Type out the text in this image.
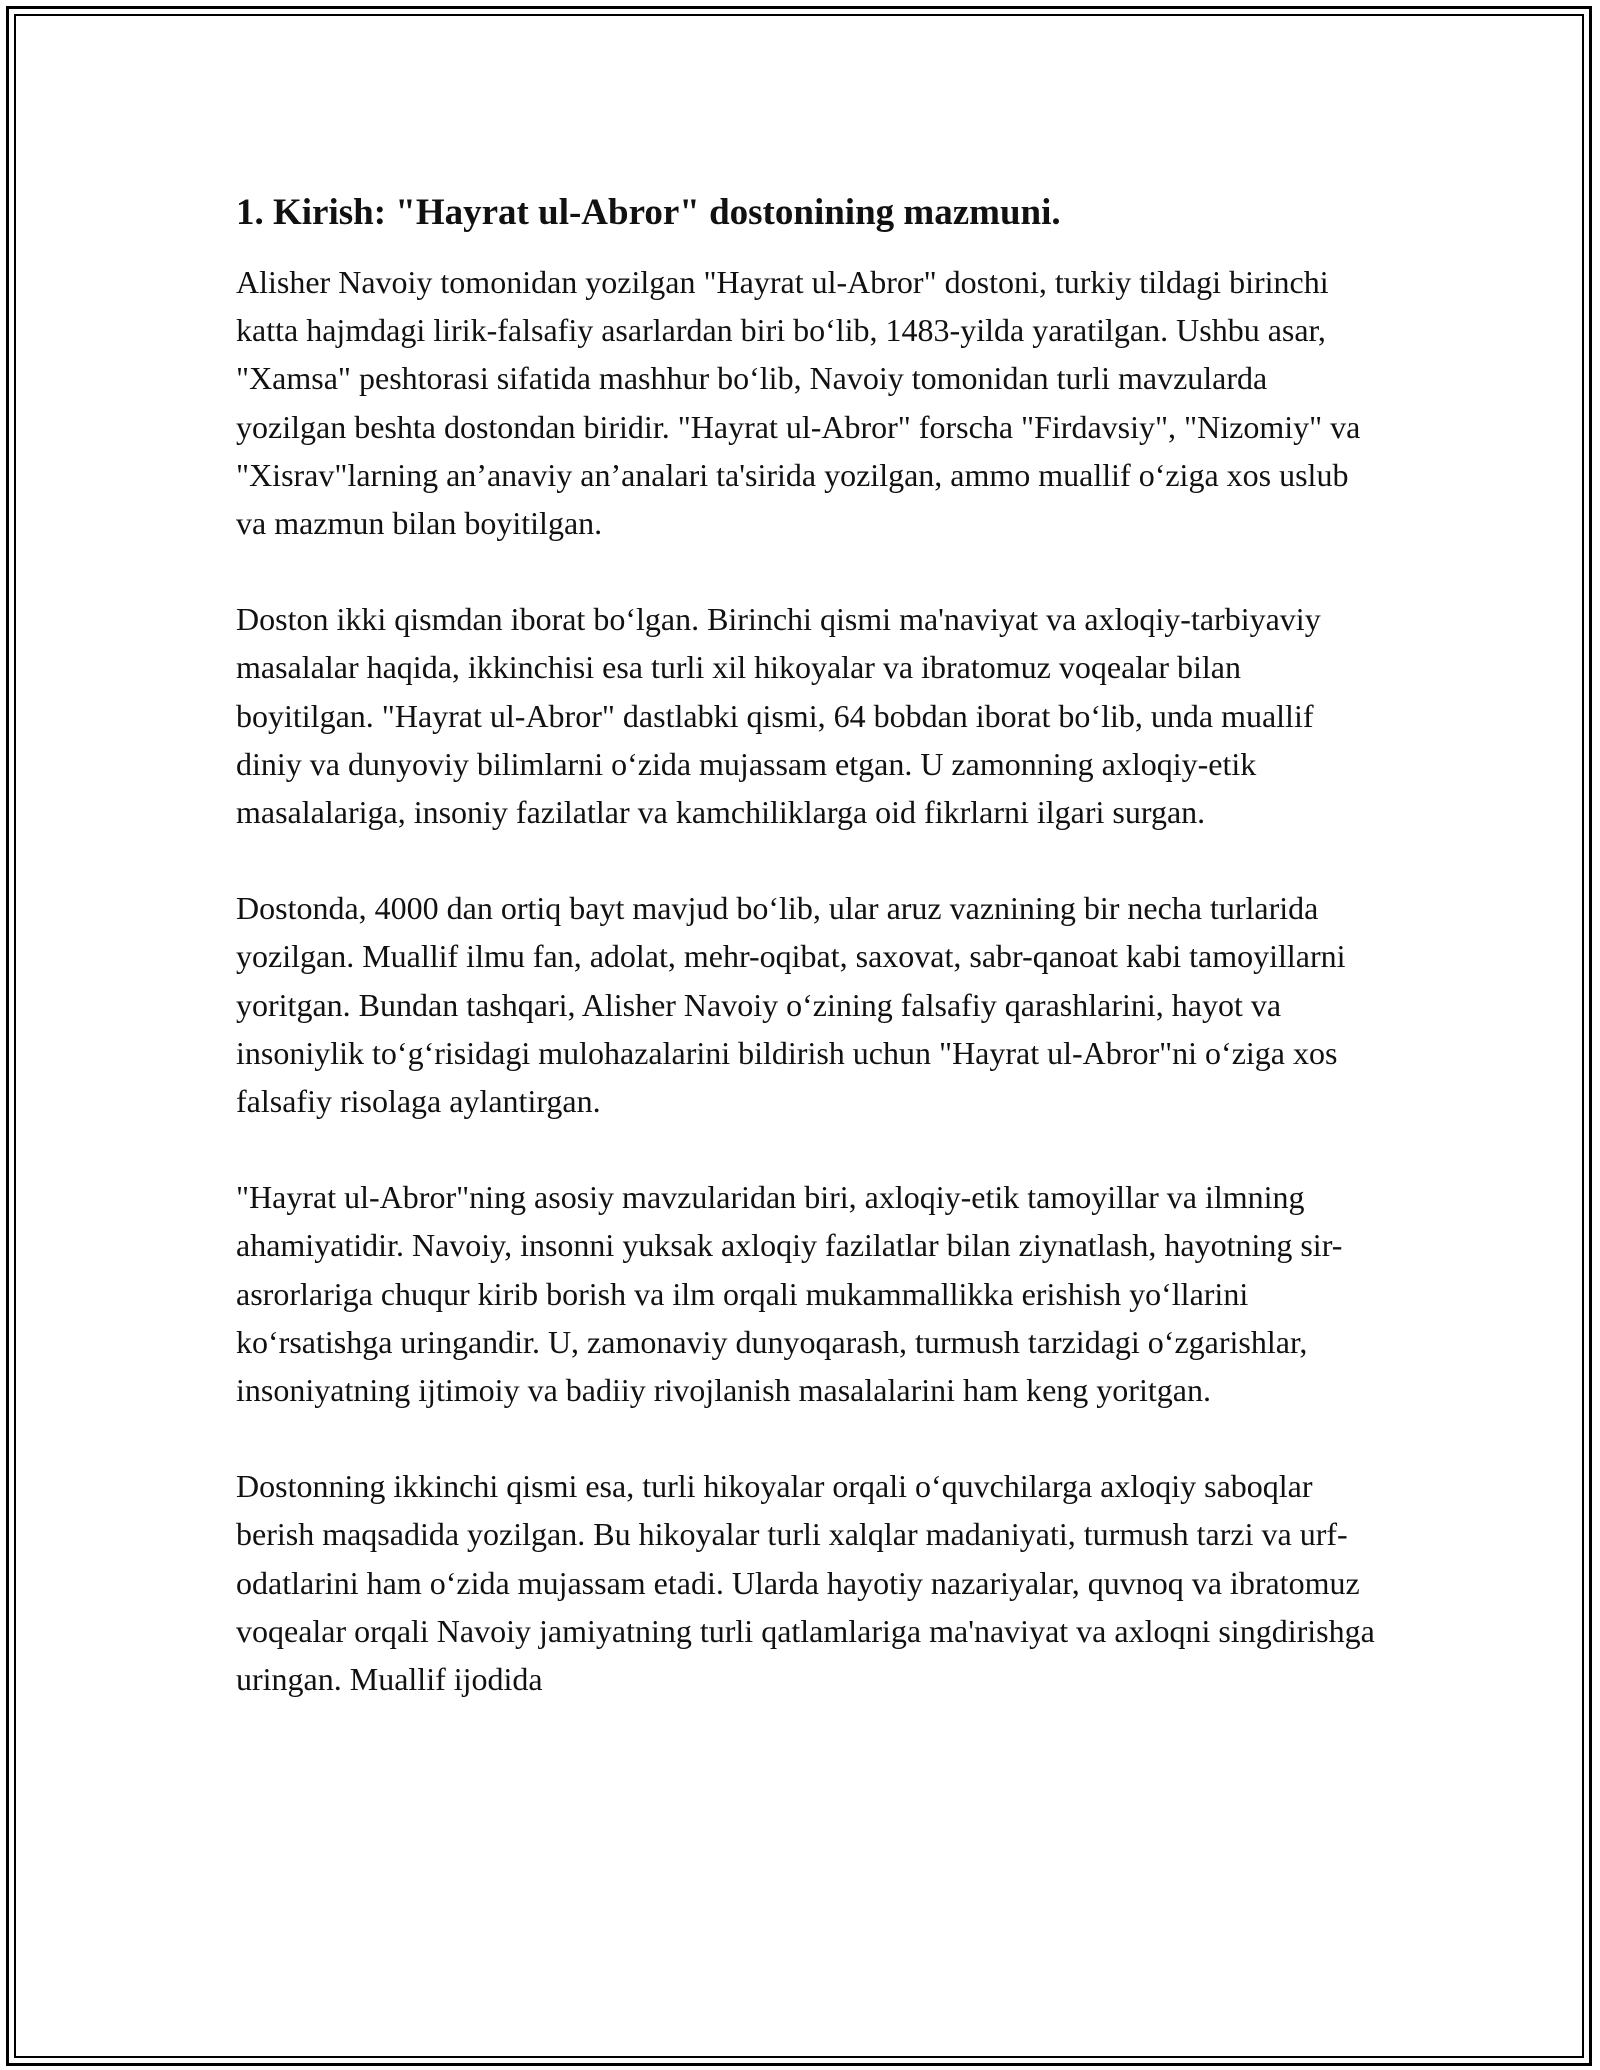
1. Kirish: "Hayrat ul-Abror" dostonining mazmuni.

Alisher Navoiy tomonidan yozilgan "Hayrat ul-Abror" dostoni, turkiy tildagi birinchi katta hajmdagi lirik-falsafiy asarlardan biri bo‘lib, 1483-yilda yaratilgan. Ushbu asar, "Xamsa" peshtorasi sifatida mashhur bo‘lib, Navoiy tomonidan turli mavzularda yozilgan beshta dostondan biridir. "Hayrat ul-Abror" forscha "Firdavsiy", "Nizomiy" va "Xisrav"larning an’anaviy an’analari ta'sirida yozilgan, ammo muallif o‘ziga xos uslub va mazmun bilan boyitilgan.

Doston ikki qismdan iborat bo‘lgan. Birinchi qismi ma'naviyat va axloqiy-tarbiyaviy masalalar haqida, ikkinchisi esa turli xil hikoyalar va ibratomuz voqealar bilan boyitilgan. "Hayrat ul-Abror" dastlabki qismi, 64 bobdan iborat bo‘lib, unda muallif diniy va dunyoviy bilimlarni o‘zida mujassam etgan. U zamonning axloqiy-etik masalalariga, insoniy fazilatlar va kamchiliklarga oid fikrlarni ilgari surgan.

Dostonda, 4000 dan ortiq bayt mavjud bo‘lib, ular aruz vaznining bir necha turlarida yozilgan. Muallif ilmu fan, adolat, mehr-oqibat, saxovat, sabr-qanoat kabi tamoyillarni yoritgan. Bundan tashqari, Alisher Navoiy o‘zining falsafiy qarashlarini, hayot va insoniylik to‘g‘risidagi mulohazalarini bildirish uchun "Hayrat ul-Abror"ni o‘ziga xos falsafiy risolaga aylantirgan.

"Hayrat ul-Abror"ning asosiy mavzularidan biri, axloqiy-etik tamoyillar va ilmning ahamiyatidir. Navoiy, insonni yuksak axloqiy fazilatlar bilan ziynatlash, hayotning sir-asrorlariga chuqur kirib borish va ilm orqali mukammallikka erishish yo‘llarini ko‘rsatishga uringandir. U, zamonaviy dunyoqarash, turmush tarzidagi o‘zgarishlar, insoniyatning ijtimoiy va badiiy rivojlanish masalalarini ham keng yoritgan.

Dostonning ikkinchi qismi esa, turli hikoyalar orqali o‘quvchilarga axloqiy saboqlar berish maqsadida yozilgan. Bu hikoyalar turli xalqlar madaniyati, turmush tarzi va urf-odatlarini ham o‘zida mujassam etadi. Ularda hayotiy nazariyalar, quvnoq va ibratomuz voqealar orqali Navoiy jamiyatning turli qatlamlariga ma'naviyat va axloqni singdirishga uringan. Muallif ijodida
